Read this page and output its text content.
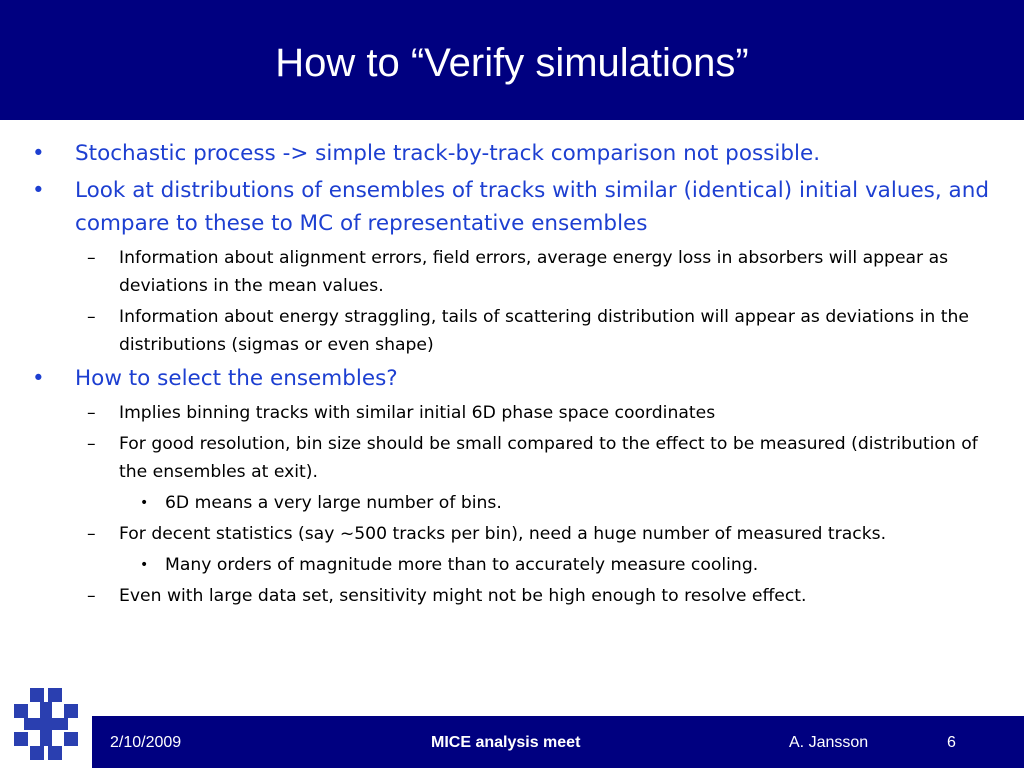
How to “Verify simulations”
• Stochastic process -> simple track-by-track comparison not possible.
• Look at distributions of ensembles of tracks with similar (identical) initial values, and compare to these to MC of representative ensembles
– Information about alignment errors, field errors, average energy loss in absorbers will appear as deviations in the mean values.
– Information about energy straggling, tails of scattering distribution will appear as deviations in the distributions (sigmas or even shape)
• How to select the ensembles?
– Implies binning tracks with similar initial 6D phase space coordinates
– For good resolution, bin size should be small compared to the effect to be measured (distribution of the ensembles at exit).
• 6D means a very large number of bins.
– For decent statistics (say ~500 tracks per bin), need a huge number of measured tracks.
• Many orders of magnitude more than to accurately measure cooling.
– Even with large data set, sensitivity might not be high enough to resolve effect.
2/10/2009	MICE analysis meet	A. Jansson	6
